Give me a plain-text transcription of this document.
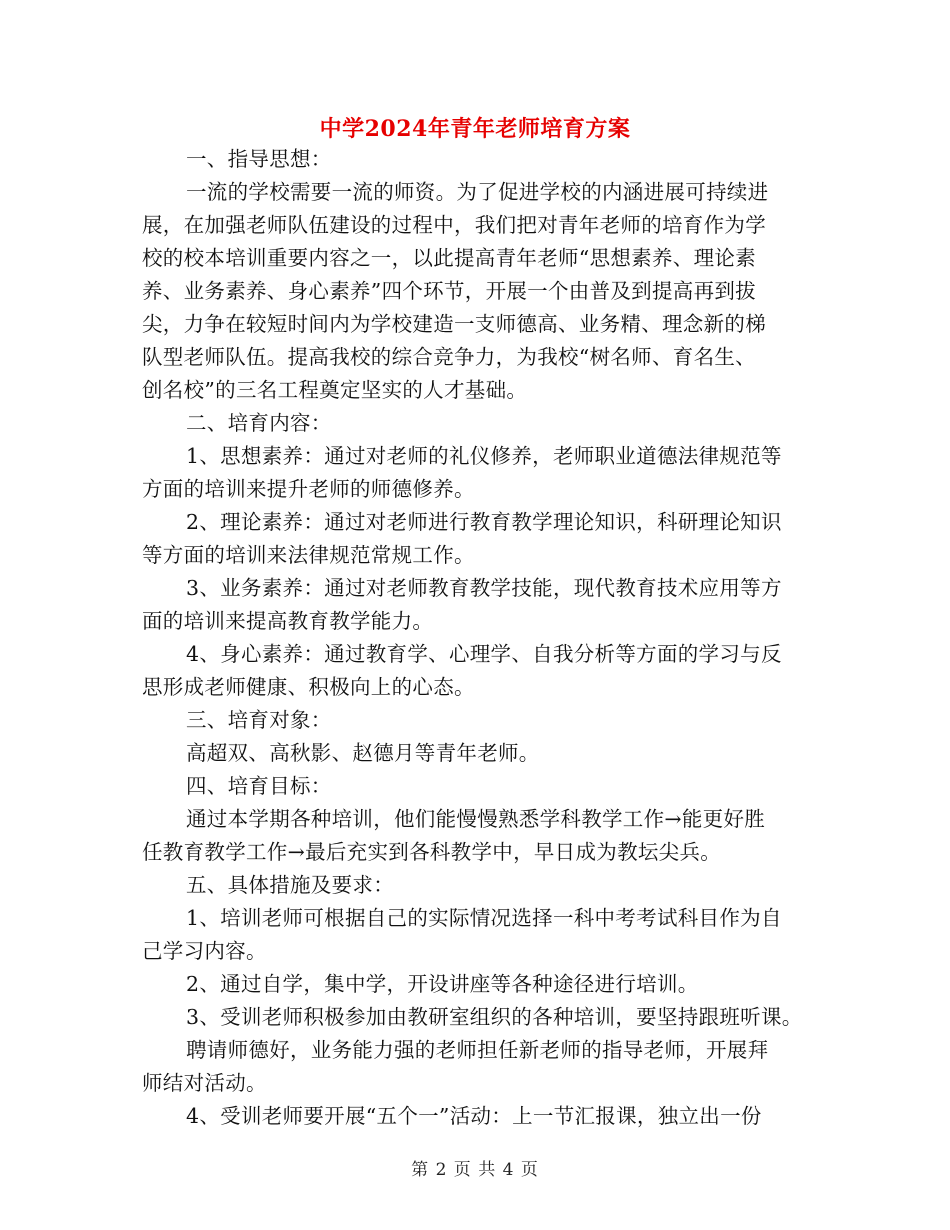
中学2024年青年老师培育方案
一、指导思想：
一流的学校需要一流的师资。为了促进学校的内涵进展可持续进
展，在加强老师队伍建设的过程中，我们把对青年老师的培育作为学
校的校本培训重要内容之一，以此提高青年老师“思想素养、理论素
养、业务素养、身心素养”四个环节，开展一个由普及到提高再到拔
尖，力争在较短时间内为学校建造一支师德高、业务精、理念新的梯
队型老师队伍。提高我校的综合竞争力，为我校“树名师、育名生、
创名校”的三名工程奠定坚实的人才基础。
二、培育内容：
1、思想素养：通过对老师的礼仪修养，老师职业道德法律规范等
方面的培训来提升老师的师德修养。
2、理论素养：通过对老师进行教育教学理论知识，科研理论知识
等方面的培训来法律规范常规工作。
3、业务素养：通过对老师教育教学技能，现代教育技术应用等方
面的培训来提高教育教学能力。
4、身心素养：通过教育学、心理学、自我分析等方面的学习与反
思形成老师健康、积极向上的心态。
三、培育对象：
高超双、高秋影、赵德月等青年老师。
四、培育目标：
通过本学期各种培训，他们能慢慢熟悉学科教学工作→能更好胜
任教育教学工作→最后充实到各科教学中，早日成为教坛尖兵。
五、具体措施及要求：
1、培训老师可根据自己的实际情况选择一科中考考试科目作为自
己学习内容。
2、通过自学，集中学，开设讲座等各种途径进行培训。
3、受训老师积极参加由教研室组织的各种培训，要坚持跟班听课。
聘请师德好，业务能力强的老师担任新老师的指导老师，开展拜
师结对活动。
4、受训老师要开展“五个一”活动：上一节汇报课，独立出一份
第 2 页 共 4 页
